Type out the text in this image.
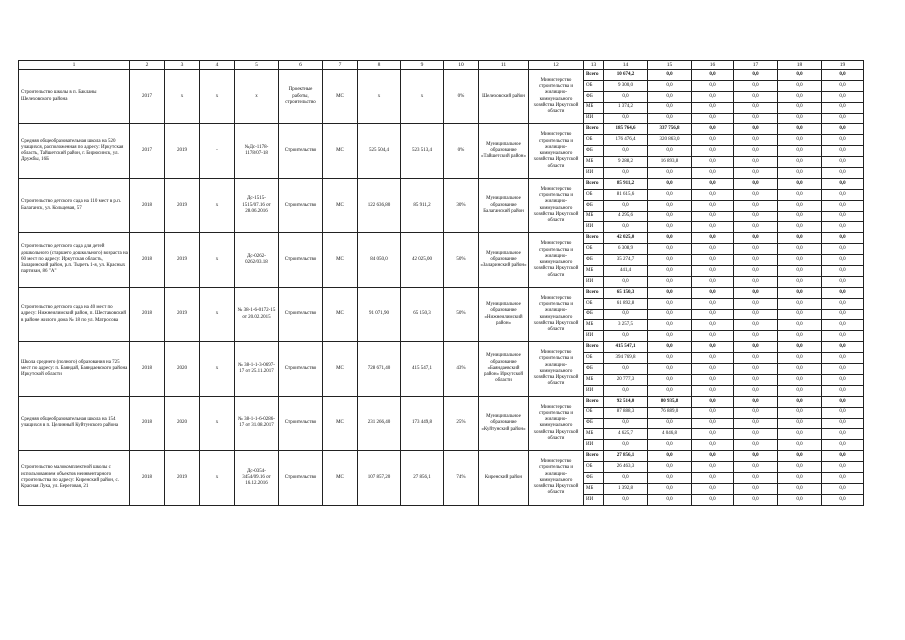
1	2	3	4	5	6	7	8	9	10	11	12	13	14	15	16	17	18	19
Строительство школы в п. Бакланы Шелеховского района	2017	х	х	х	Проектные работы, строительство	МС	х	х	0%	Шелеховский район	Министерство строительства и жилищно-коммунального хозяйства Иркутской области	Всего	10 674,2	0,0	0,0	0,0	0,0	0,0
												ОБ	9 300,0	0,0	0,0	0,0	0,0	0,0
												ФБ	0,0	0,0	0,0	0,0	0,0	0,0
												МБ	1 374,2	0,0	0,0	0,0	0,0	0,0
												ИИ	0,0	0,0	0,0	0,0	0,0	0,0
Средняя общеобразовательная школа на 520 учащихся, расположенная по адресу: Иркутская область, Тайшетский район, г. Бирюсинск, ул. Дружбы, 16Б	2017	2019	-	№Дс-1178-1178/07-18	Строительство	МС	525 504,4	523 513,4	0%	Муниципальное образование «Тайшетский район»	Министерство строительства и жилищно-коммунального хозяйства Иркутской области	Всего	185 764,6	337 756,8	0,0	0,0	0,0	0,0
												ОБ	176 476,4	320 863,0	0,0	0,0	0,0	0,0
												ФБ	0,0	0,0	0,0	0,0	0,0	0,0
												МБ	9 288,2	16 893,8	0,0	0,0	0,0	0,0
												ИИ	0,0	0,0	0,0	0,0	0,0	0,0
Строительство детского сада на 110 мест в р.п. Балаганск, ул. Кольцевая, 57	2018	2019	х	Дс-1515-1515/07.16 от 28.06.2016	Строительство	МС	122 636,80	85 911,2	30%	Муниципальное образование Балаганский район	Министерство строительства и жилищно-коммунального хозяйства Иркутской области	Всего	85 911,2	0,0	0,0	0,0	0,0	0,0
												ОБ	81 615,6	0,0	0,0	0,0	0,0	0,0
												ФБ	0,0	0,0	0,0	0,0	0,0	0,0
												МБ	4 295,6	0,0	0,0	0,0	0,0	0,0
												ИИ	0,0	0,0	0,0	0,0	0,0	0,0
Строительство детского сада для детей дошкольного (старшего дошкольного) возраста на 60 мест по адресу: Иркутская область, Заларинский район, р.п. Тыреть 1-я, ул. Красных партизан, 86 "А"	2018	2019	х	Дс-0262-0262/03.18	Строительство	МС	84 050,0	42 025,00	50%	Муниципальное образование «Заларинский район»	Министерство строительства и жилищно-коммунального хозяйства Иркутской области	Всего	42 025,0	0,0	0,0	0,0	0,0	0,0
												ОБ	6 308,9	0,0	0,0	0,0	0,0	0,0
												ФБ	35 274,7	0,0	0,0	0,0	0,0	0,0
												МБ	441,4	0,0	0,0	0,0	0,0	0,0
												ИИ	0,0	0,0	0,0	0,0	0,0	0,0
Строительство детского сада на 40 мест по адресу: Нижнеилимский район, п. Шестаковский в районе жилого дома № 18 по ул. Матросова	2018	2019	х	№ 38-1-6-0172-15 от 20.02.2015	Строительство	МС	91 071,90	65 150,3	50%	Муниципальное образование «Нижнеилимский район»	Министерство строительства и жилищно-коммунального хозяйства Иркутской области	Всего	65 150,3	0,0	0,0	0,0	0,0	0,0
												ОБ	61 892,8	0,0	0,0	0,0	0,0	0,0
												ФБ	0,0	0,0	0,0	0,0	0,0	0,0
												МБ	3 257,5	0,0	0,0	0,0	0,0	0,0
												ИИ	0,0	0,0	0,0	0,0	0,0	0,0
Школа среднего (полного) образования на 725 мест по адресу: п. Баяндай, Баяндаевского района Иркутской области	2018	2020	х	№ 38-1-1-3-0697-17 от 25.11.2017	Строительство	МС	728 671,40	415 547,1	43%	Муниципальное образование «Баяндаевский район» Иркутской области	Министерство строительства и жилищно-коммунального хозяйства Иркутской области	Всего	415 547,1	0,0	0,0	0,0	0,0	0,0
												ОБ	394 769,8	0,0	0,0	0,0	0,0	0,0
												ФБ	0,0	0,0	0,0	0,0	0,0	0,0
												МБ	20 777,3	0,0	0,0	0,0	0,0	0,0
												ИИ	0,0	0,0	0,0	0,0	0,0	0,0
Средняя общеобразовательная школа на 154 учащихся в п. Целинный Куйтунского района	2018	2020	х	№ 38-1-1-6-0286-17 от 31.08.2017	Строительство	МС	231 266,40	173 449,8	25%	Муниципальное образование «Куйтунский район»	Министерство строительства и жилищно-коммунального хозяйства Иркутской области	Всего	92 514,0	80 935,8	0,0	0,0	0,0	0,0
												ОБ	87 888,3	76 889,0	0,0	0,0	0,0	0,0
												ФБ	0,0	0,0	0,0	0,0	0,0	0,0
												МБ	4 625,7	4 046,8	0,0	0,0	0,0	0,0
												ИИ	0,0	0,0	0,0	0,0	0,0	0,0
Строительство малокомплектной школы с использованием объектов неинвентарного строительства по адресу: Киренский район, с. Красная Лука, ул. Береговая, 21	2018	2019	х	Дс-0354-3454/09.16 от 16.12.2016	Строительство	МС	107 857,20	27 856,1	74%	Киренский район	Министерство строительства и жилищно-коммунального хозяйства Иркутской области	Всего	27 856,1	0,0	0,0	0,0	0,0	0,0
												ОБ	26 463,3	0,0	0,0	0,0	0,0	0,0
												ФБ	0,0	0,0	0,0	0,0	0,0	0,0
												МБ	1 392,8	0,0	0,0	0,0	0,0	0,0
												ИИ	0,0	0,0	0,0	0,0	0,0	0,0
